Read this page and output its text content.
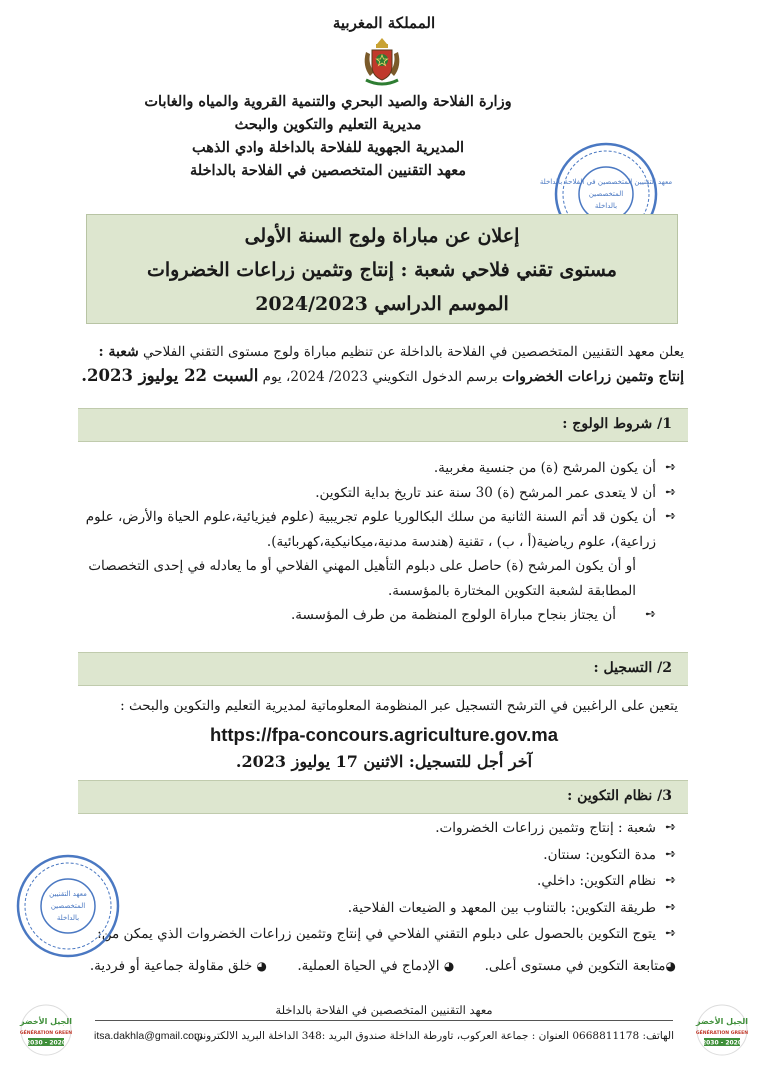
المملكة المغربية
وزارة الفلاحة والصيد البحري والتنمية القروية والمياه والغابات
مديرية التعليم والتكوين والبحث
المديرية الجهوية للفلاحة بالداخلة وادي الذهب
معهد التقنيين المتخصصين في الفلاحة بالداخلة
معهد التقنيين المتخصصين في الفلاحة بالداخلة
المتخصصين
بالداخلة
إعلان عن مباراة ولوج السنة الأولى
مستوى تقني فلاحي شعبة : إنتاج وتثمين زراعات الخضروات
الموسم الدراسي 2024/2023
يعلن معهد التقنيين المتخصصين في الفلاحة بالداخلة عن تنظيم مباراة ولوج مستوى التقني الفلاحي شعبة : إنتاج وتثمين زراعات الخضروات برسم الدخول التكويني 2023/ 2024، يوم السبت 22 يوليوز 2023.
1/ شروط الولوج :
➺
أن يكون المرشح (ة) من جنسية مغربية.
➺
أن لا يتعدى عمر المرشح (ة) 30 سنة عند تاريخ بداية التكوين.
➺
أن يكون قد أتم السنة الثانية من سلك البكالوريا علوم تجريبية (علوم فيزيائية،علوم الحياة والأرض، علوم زراعية)، علوم رياضية(أ ، ب) ، تقنية (هندسة مدنية،ميكانيكية،كهربائية).
أو أن يكون المرشح (ة) حاصل على دبلوم التأهيل المهني الفلاحي أو ما يعادله في إحدى التخصصات المطابقة لشعبة التكوين المختارة بالمؤسسة.
➺
أن يجتاز بنجاح مباراة الولوج المنظمة من طرف المؤسسة.
2/ التسجيل :
يتعين على الراغبين في الترشح التسجيل عبر المنظومة المعلوماتية لمديرية التعليم والتكوين والبحث :
https://fpa-concours.agriculture.gov.ma
آخر أجل للتسجيل: الاثنين 17 يوليوز 2023.
3/ نظام التكوين :
➺
شعبة : إنتاج وتثمين زراعات الخضروات.
➺
مدة التكوين: سنتان.
➺
نظام التكوين: داخلي.
➺
طريقة التكوين: بالتناوب بين المعهد و الضيعات الفلاحية.
➺
يتوج التكوين بالحصول على دبلوم التقني الفلاحي في إنتاج وتثمين زراعات الخضروات الذي يمكن من:
◕متابعة التكوين في مستوى أعلى. ◕ الإدماج في الحياة العملية. ◕ خلق مقاولة جماعية أو فردية.
معهد التقنيين
المتخصصين
بالداخلة
معهد التقنيين المتخصصين في الفلاحة بالداخلة
الهاتف: 0668811178 العنوان : جماعة العركوب، تاورطة الداخلة صندوق البريد :348 الداخلة البريد الالكتروني :
itsa.dakhla@gmail.com
الجيل الأخضر
GÉNÉRATION GREEN
2020 - 2030
الجيل الأخضر
GÉNÉRATION GREEN
2020 - 2030
